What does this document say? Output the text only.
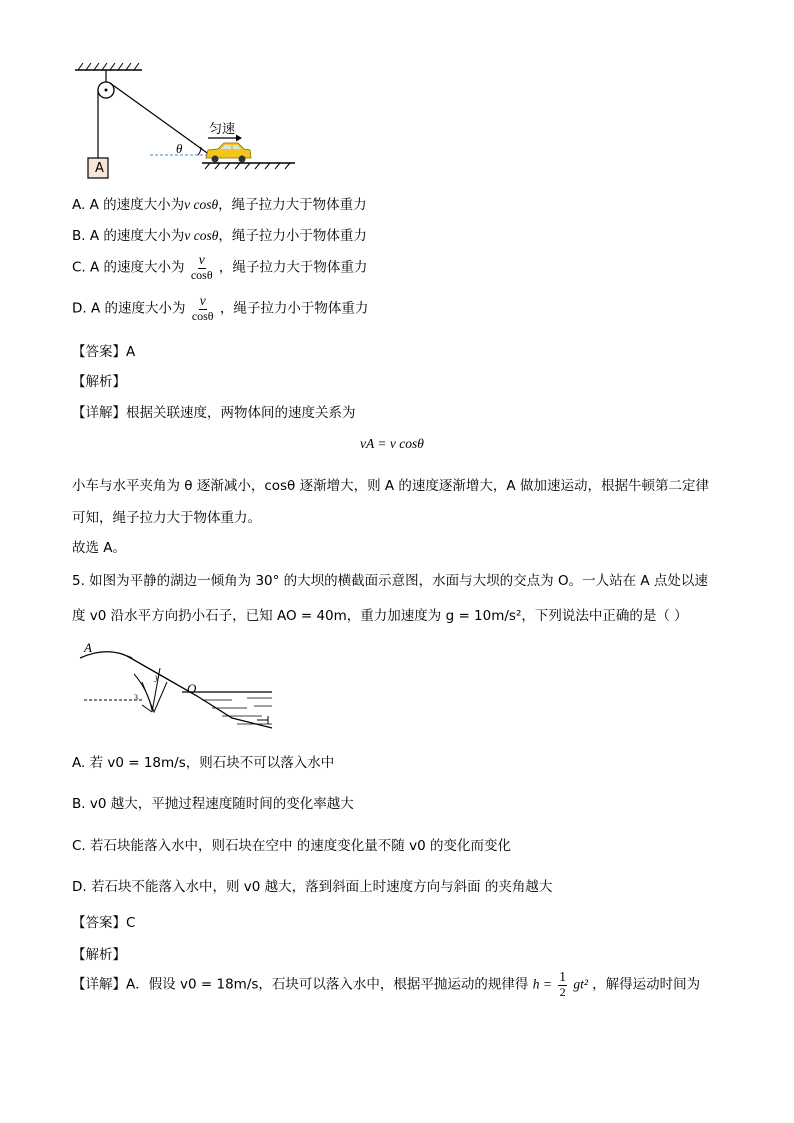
匀速
θ
A
A. A 的速度大小为v cosθ，绳子拉力大于物体重力
B. A 的速度大小为v cosθ，绳子拉力小于物体重力
C. A 的速度大小为 $\frac{v}{\cos\theta}$ ，绳子拉力大于物体重力
D. A 的速度大小为 $\frac{v}{\cos\theta}$ ，绳子拉力小于物体重力
【答案】A
【解析】
【详解】根据关联速度，两物体间的速度关系为
vA = v cosθ
小车与水平夹角为 θ 逐渐减小，cosθ 逐渐增大，则 A 的速度逐渐增大，A 做加速运动，根据牛顿第二定律
可知，绳子拉力大于物体重力。
故选 A。
5. 如图为平静的湖边一倾角为 30° 的大坝的横截面示意图，水面与大坝的交点为 O。一人站在 A 点处以速
度 v0 沿水平方向扔小石子，已知 AO = 40m，重力加速度为 g = 10m/s²，下列说法中正确的是（ ）
y
3
A
O
A. 若 v0 = 18m/s，则石块不可以落入水中
B. v0 越大，平抛过程速度随时间的变化率越大
C. 若石块能落入水中，则石块在空中 的速度变化量不随 v0 的变化而变化
D. 若石块不能落入水中，则 v0 越大，落到斜面上时速度方向与斜面 的夹角越大
【答案】C
【解析】
【详解】A．假设 v0 = 18m/s，石块可以落入水中，根据平抛运动的规律得 $h = \frac{1}{2} gt^2$ ，解得运动时间为
